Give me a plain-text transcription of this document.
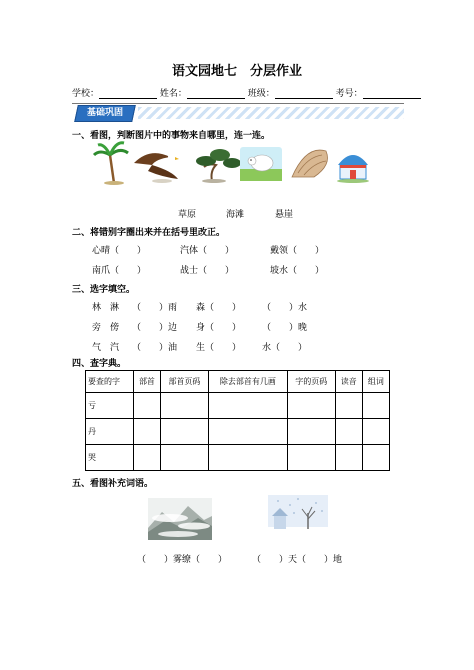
语文园地七　分层作业
学校：	姓名：	班级：	考号：
基础巩固
一、看图，判断图片中的事物来自哪里，连一连。
草原	海滩	悬崖
二、将错别字圈出来并在括号里改正。
心晴（　　）	汽体（　　）	戴领（　　）
南爪（　　）	战士（　　）	坡水（　　）
三、选字填空。
林　淋 （　　）雨 森（　　） （　　）水
旁　傍 （　　）边 身（　　） （　　）晚
气　汽 （　　）油 生（　　） 水（　　）
四、查字典。
要查的字	部首	部首页码	除去部首有几画	字的页码	读音	组词
亏						
丹						
哭						
五、看图补充词语。
（　　）雾缭（　　）	（　　）天（　　）地
